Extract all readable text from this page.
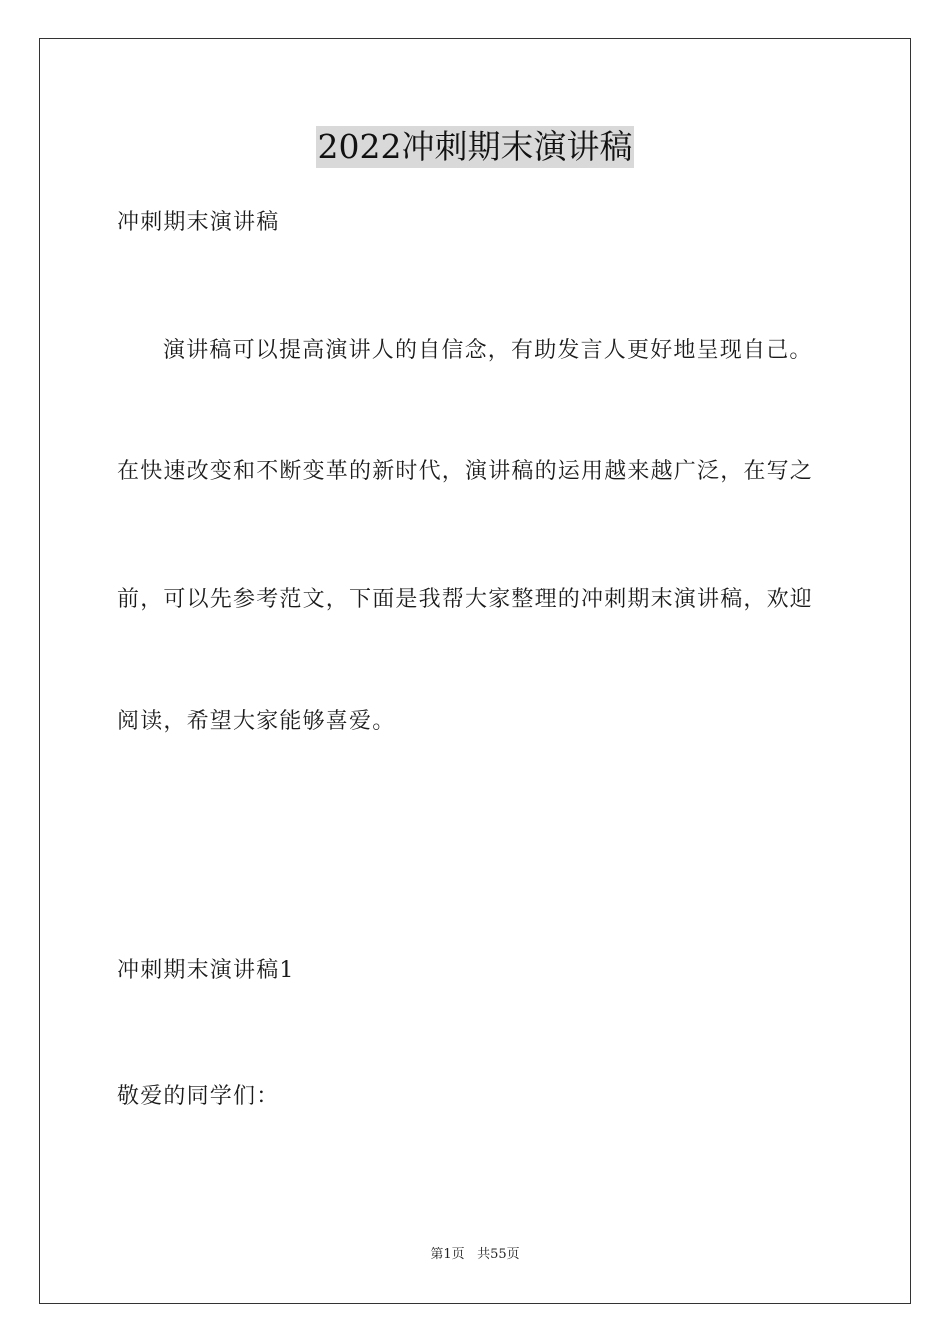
2022冲刺期末演讲稿
冲刺期末演讲稿
演讲稿可以提高演讲人的自信念，有助发言人更好地呈现自己。
在快速改变和不断变革的新时代，演讲稿的运用越来越广泛，在写之
前，可以先参考范文，下面是我帮大家整理的冲刺期末演讲稿，欢迎
阅读，希望大家能够喜爱。
冲刺期末演讲稿1
敬爱的同学们：
第1页 共55页
